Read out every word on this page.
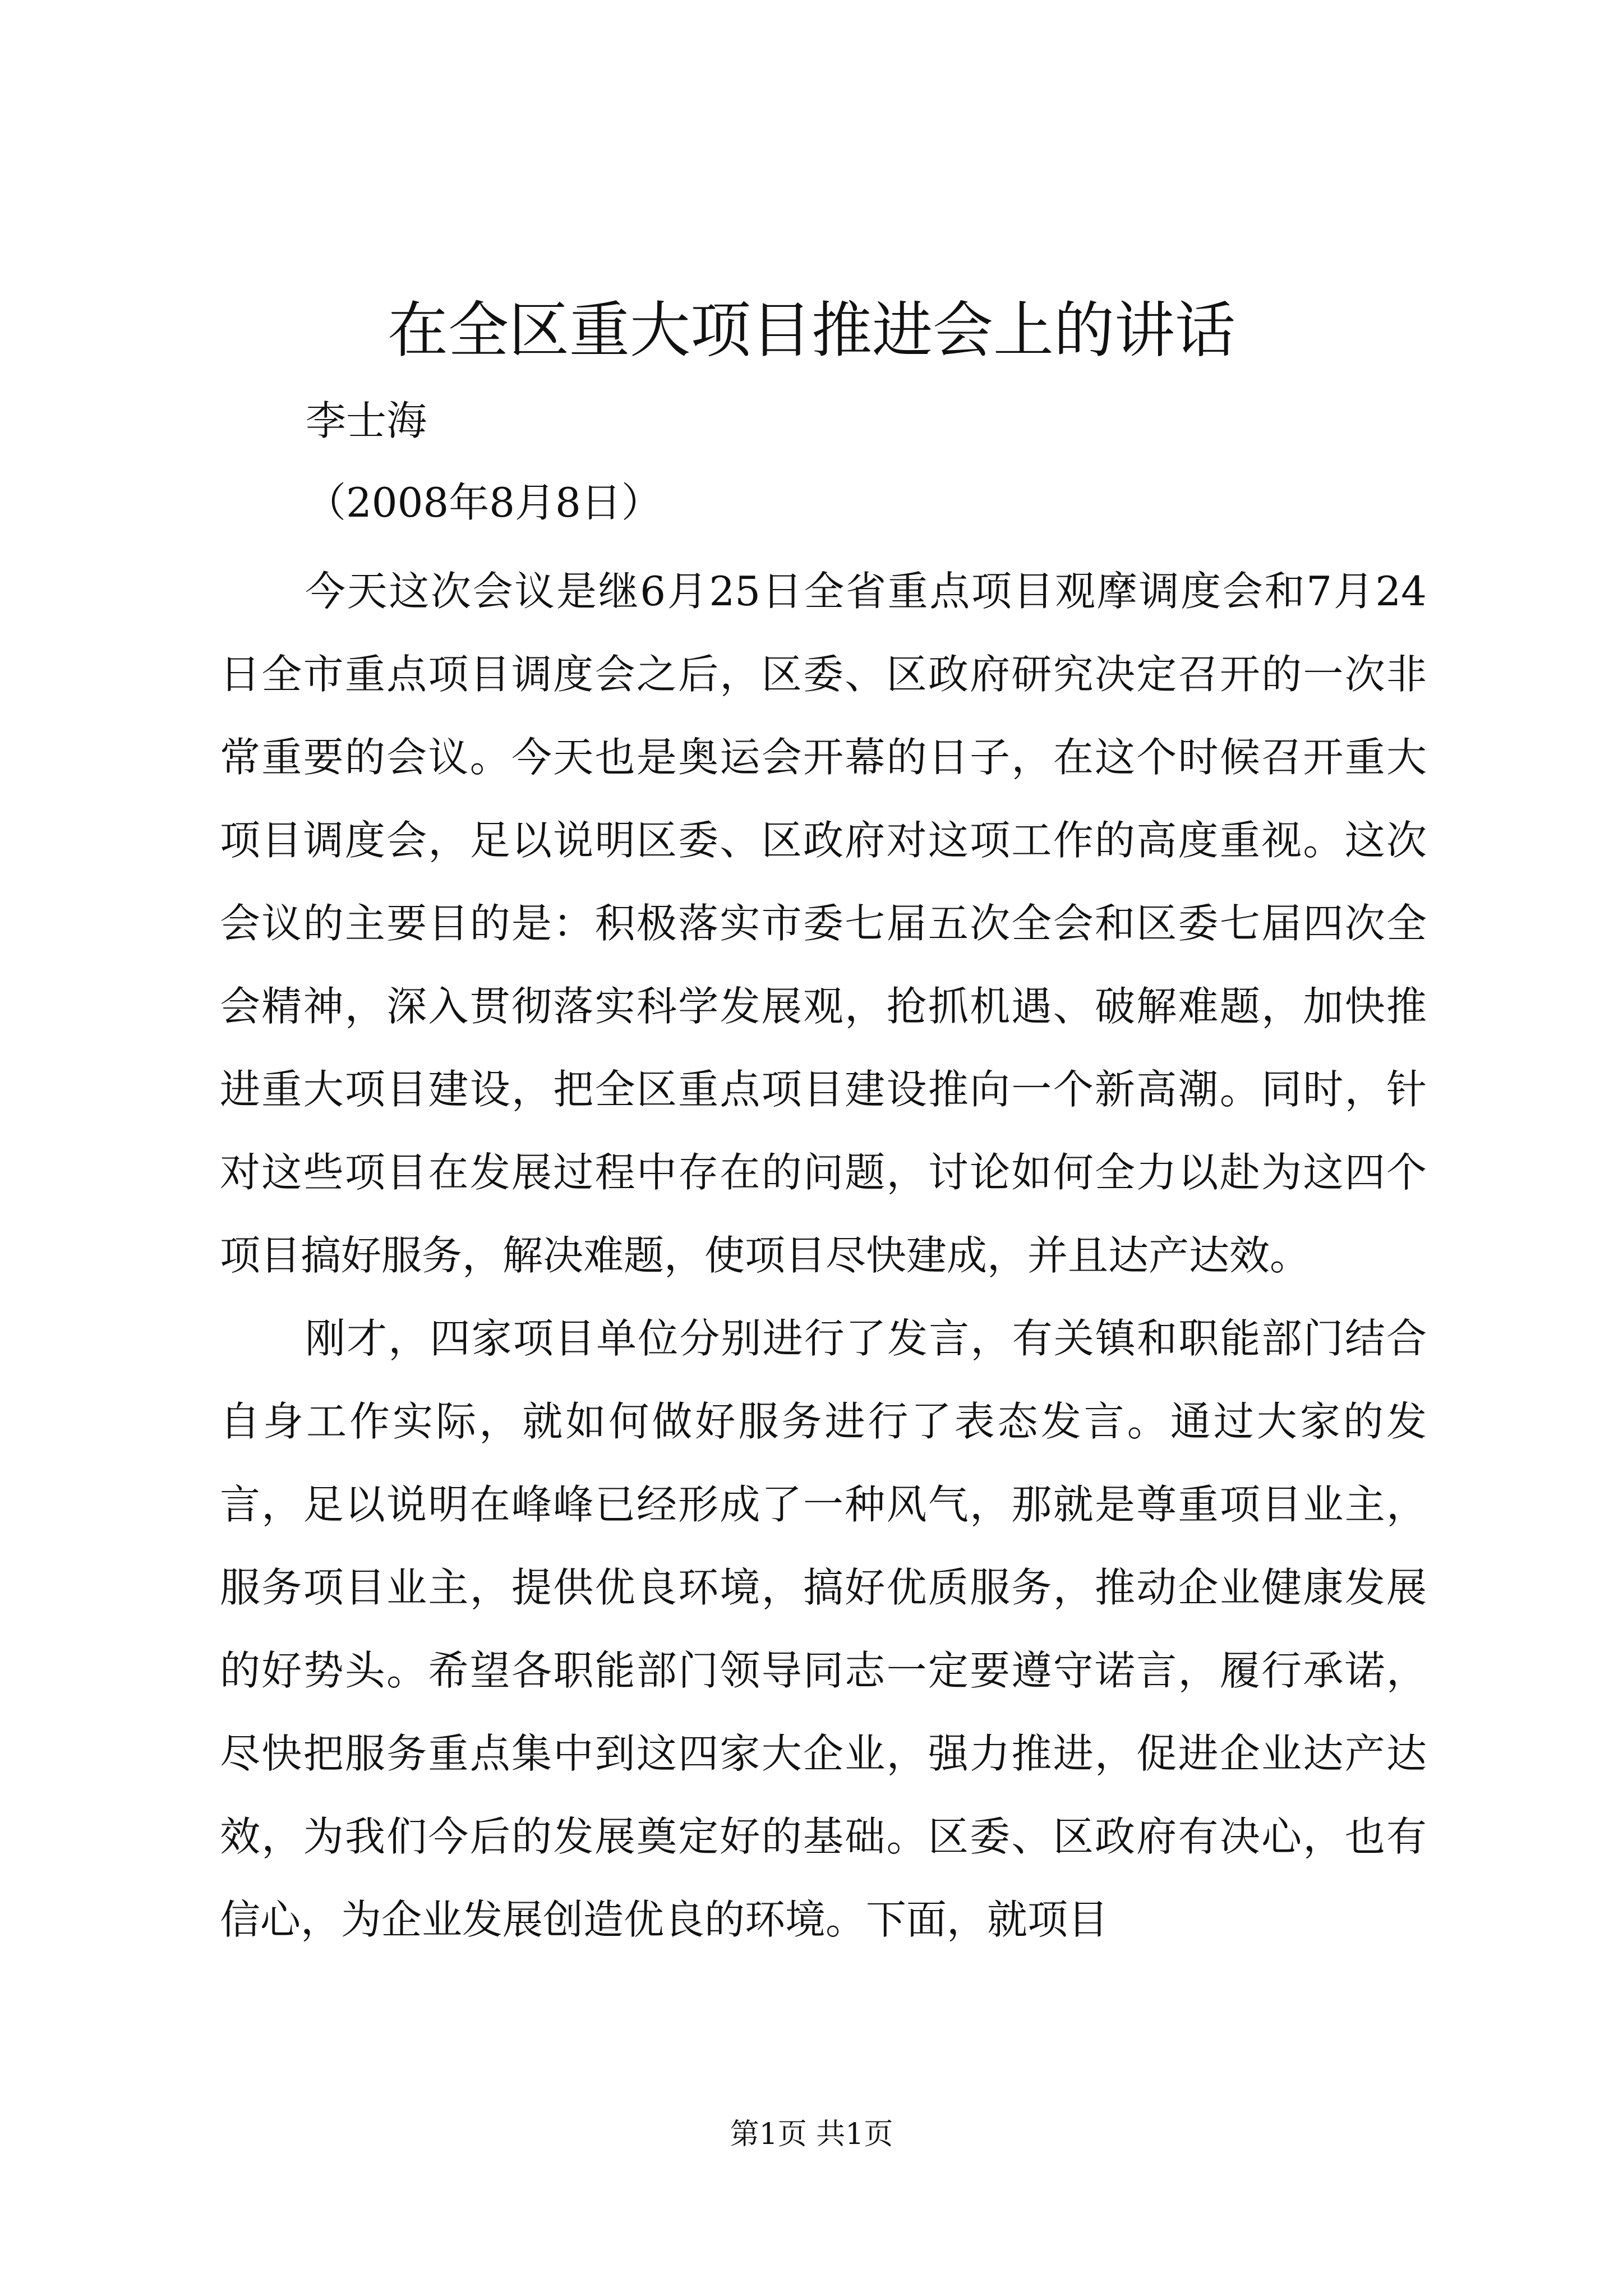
在全区重大项目推进会上的讲话

李士海

（2008年8月8日）

今天这次会议是继6月25日全省重点项目观摩调度会和7月24日全市重点项目调度会之后，区委、区政府研究决定召开的一次非常重要的会议。今天也是奥运会开幕的日子，在这个时候召开重大项目调度会，足以说明区委、区政府对这项工作的高度重视。这次会议的主要目的是：积极落实市委七届五次全会和区委七届四次全会精神，深入贯彻落实科学发展观，抢抓机遇、破解难题，加快推进重大项目建设，把全区重点项目建设推向一个新高潮。同时，针对这些项目在发展过程中存在的问题，讨论如何全力以赴为这四个项目搞好服务，解决难题，使项目尽快建成，并且达产达效。

刚才，四家项目单位分别进行了发言，有关镇和职能部门结合自身工作实际，就如何做好服务进行了表态发言。通过大家的发言，足以说明在峰峰已经形成了一种风气，那就是尊重项目业主，服务项目业主，提供优良环境，搞好优质服务，推动企业健康发展的好势头。希望各职能部门领导同志一定要遵守诺言，履行承诺，尽快把服务重点集中到这四家大企业，强力推进，促进企业达产达效，为我们今后的发展奠定好的基础。区委、区政府有决心，也有信心，为企业发展创造优良的环境。下面，就项目

第1页 共1页
